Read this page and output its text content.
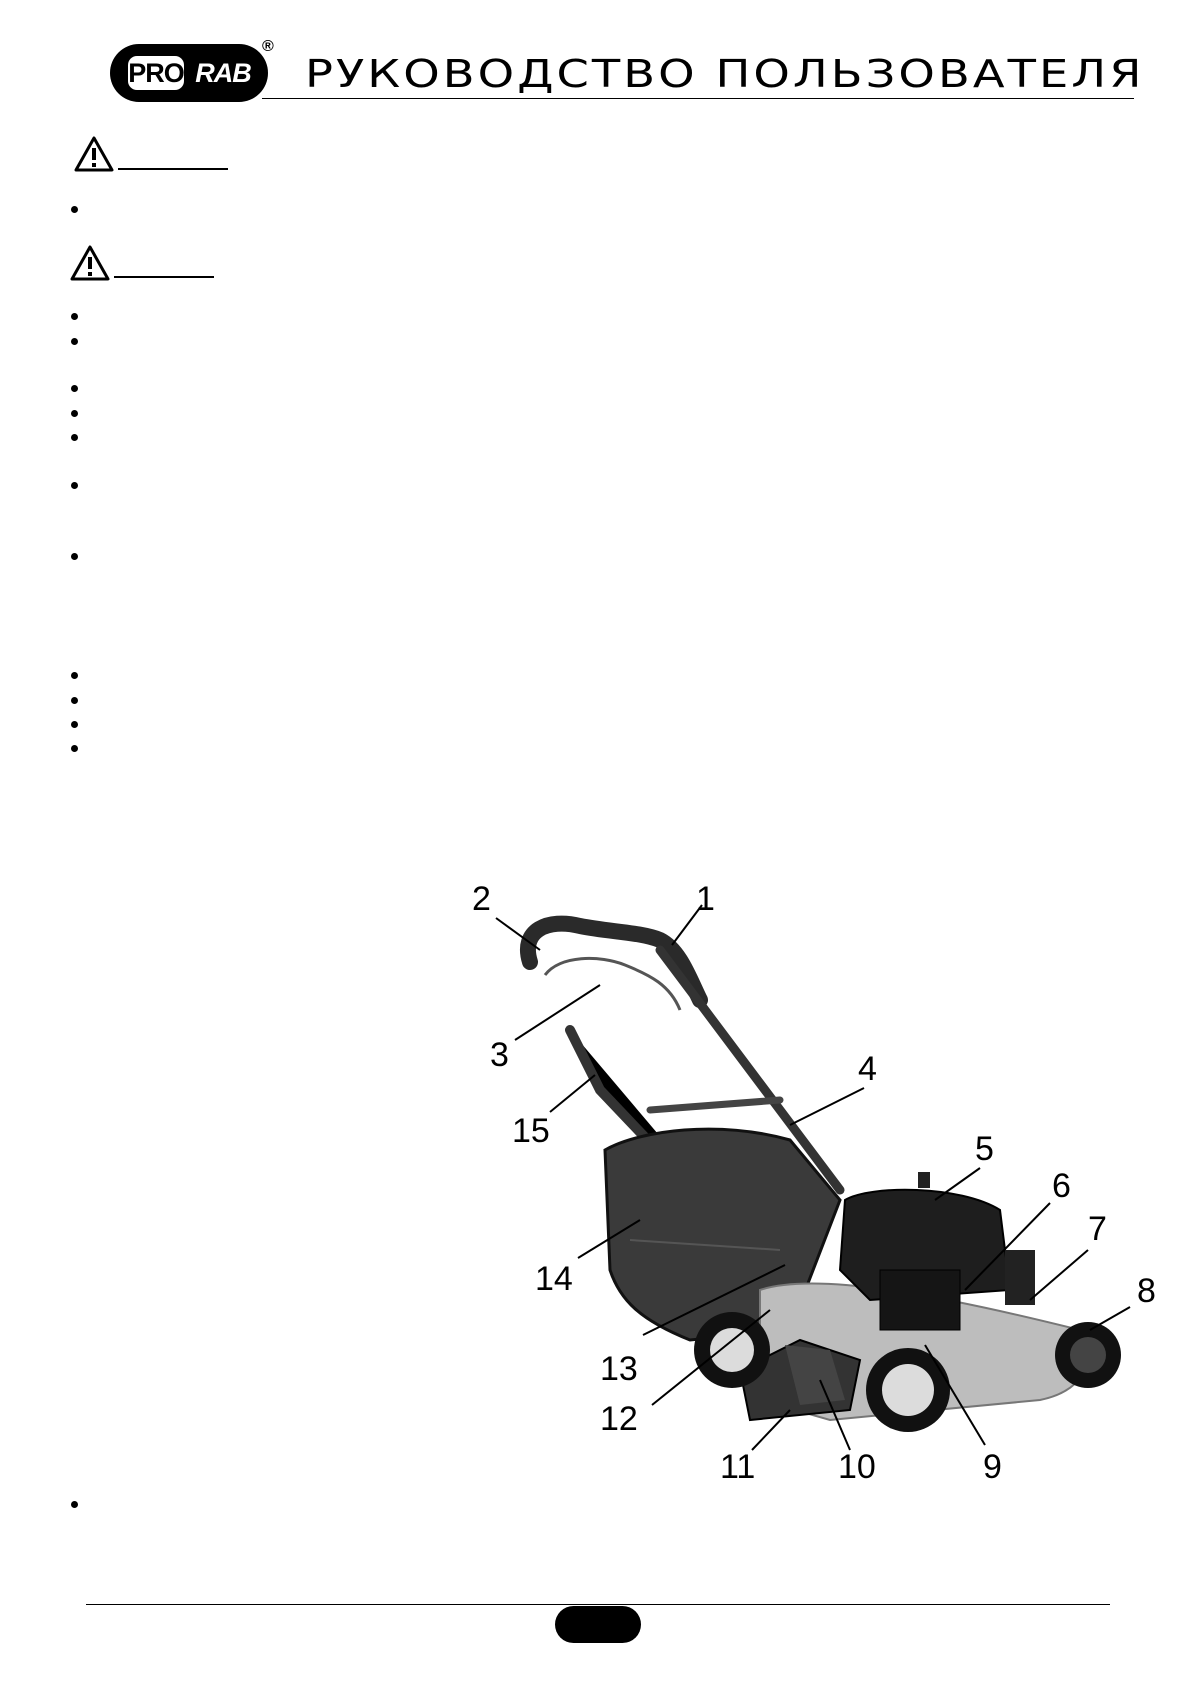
PRO RAB
®
РУКОВОДСТВО ПОЛЬЗОВАТЕЛЯ
1
2
3	4
5
6
7
8
9
10
11
12
13
14
15
